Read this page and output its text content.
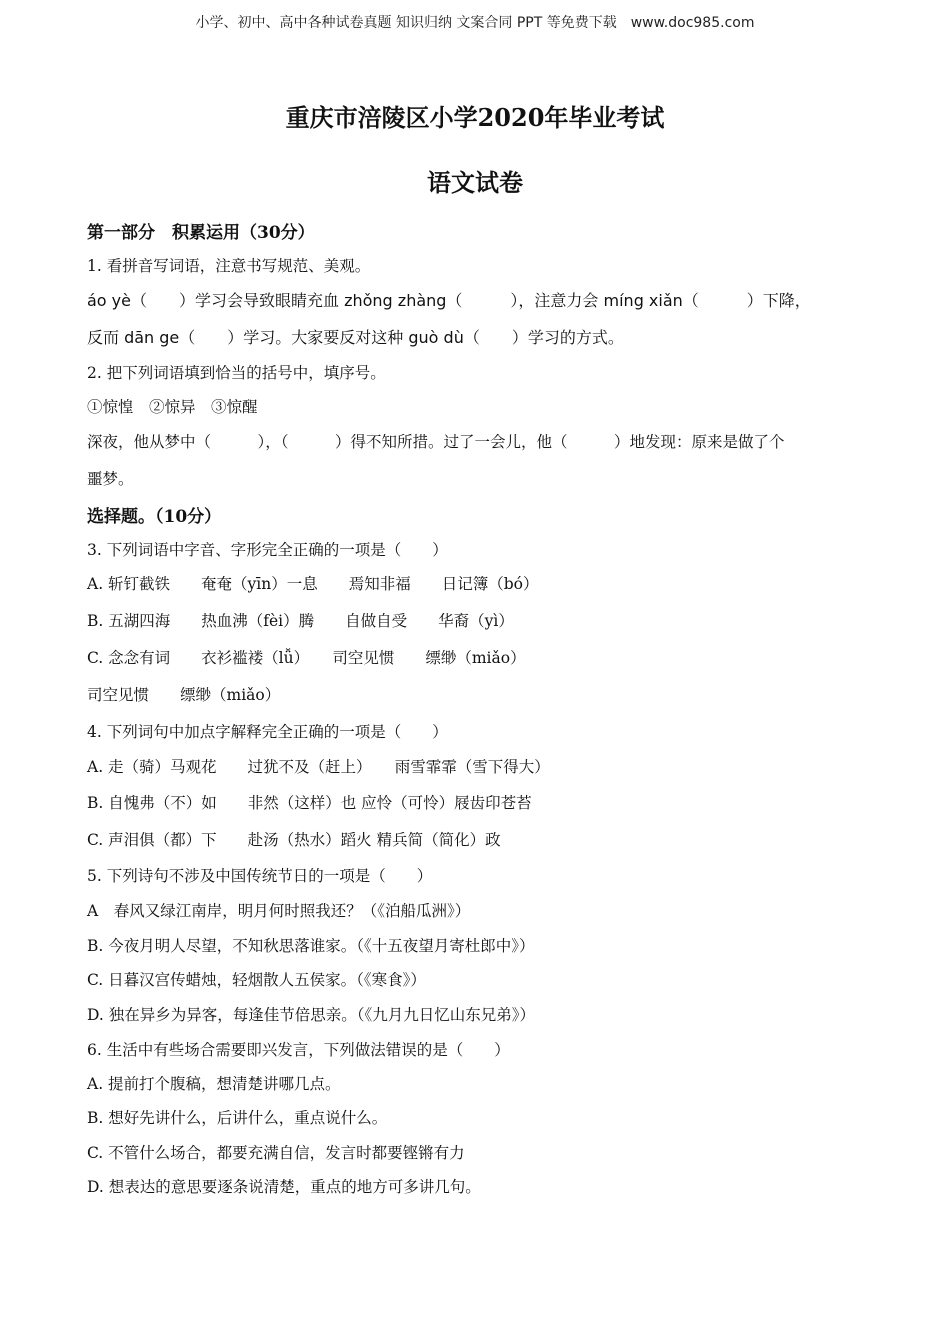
小学、初中、高中各种试卷真题 知识归纳 文案合同 PPT 等免费下载　www.doc985.com
重庆市涪陵区小学2020年毕业考试
语文试卷
第一部分　积累运用（30分）
1. 看拼音写词语，注意书写规范、美观。
áo yè（　　）学习会导致眼睛充血 zhǒng zhàng（　　　），注意力会 míng xiǎn（　　　）下降，
反而 dān ge（　　）学习。大家要反对这种 guò dù（　　）学习的方式。
2. 把下列词语填到恰当的括号中，填序号。
①惊惶　②惊异　③惊醒
深夜，他从梦中（　　　），（　　　）得不知所措。过了一会儿，他（　　　）地发现：原来是做了个
噩梦。
选择题。（10分）
3. 下列词语中字音、字形完全正确的一项是（　　）
A. 斩钉截铁　　奄奄（yīn）一息　　焉知非福　　日记簿（bó）
B. 五湖四海　　热血沸（fèi）腾　　自做自受　　华裔（yì）
C. 念念有词　　衣衫褴褛（lǚ）　　司空见惯　　缥缈（miǎo）
司空见惯　　缥缈（miǎo）
4. 下列词句中加点字解释完全正确的一项是（　　）
A. 走（骑）马观花　　过犹不及（赶上）　　雨雪霏霏（雪下得大）
B. 自愧弗（不）如　　非然（这样）也 应怜（可怜）屐齿印苍苔
C. 声泪俱（都）下　　赴汤（热水）蹈火 精兵简（简化）政
5. 下列诗句不涉及中国传统节日的一项是（　　）
A　春风又绿江南岸，明月何时照我还？（《泊船瓜洲》）
B. 今夜月明人尽望，不知秋思落谁家。（《十五夜望月寄杜郎中》）
C. 日暮汉宫传蜡烛，轻烟散人五侯家。（《寒食》）
D. 独在异乡为异客，每逢佳节倍思亲。（《九月九日忆山东兄弟》）
6. 生活中有些场合需要即兴发言，下列做法错误的是（　　）
A. 提前打个腹稿，想清楚讲哪几点。
B. 想好先讲什么，后讲什么，重点说什么。
C. 不管什么场合，都要充满自信，发言时都要铿锵有力
D. 想表达的意思要逐条说清楚，重点的地方可多讲几句。
